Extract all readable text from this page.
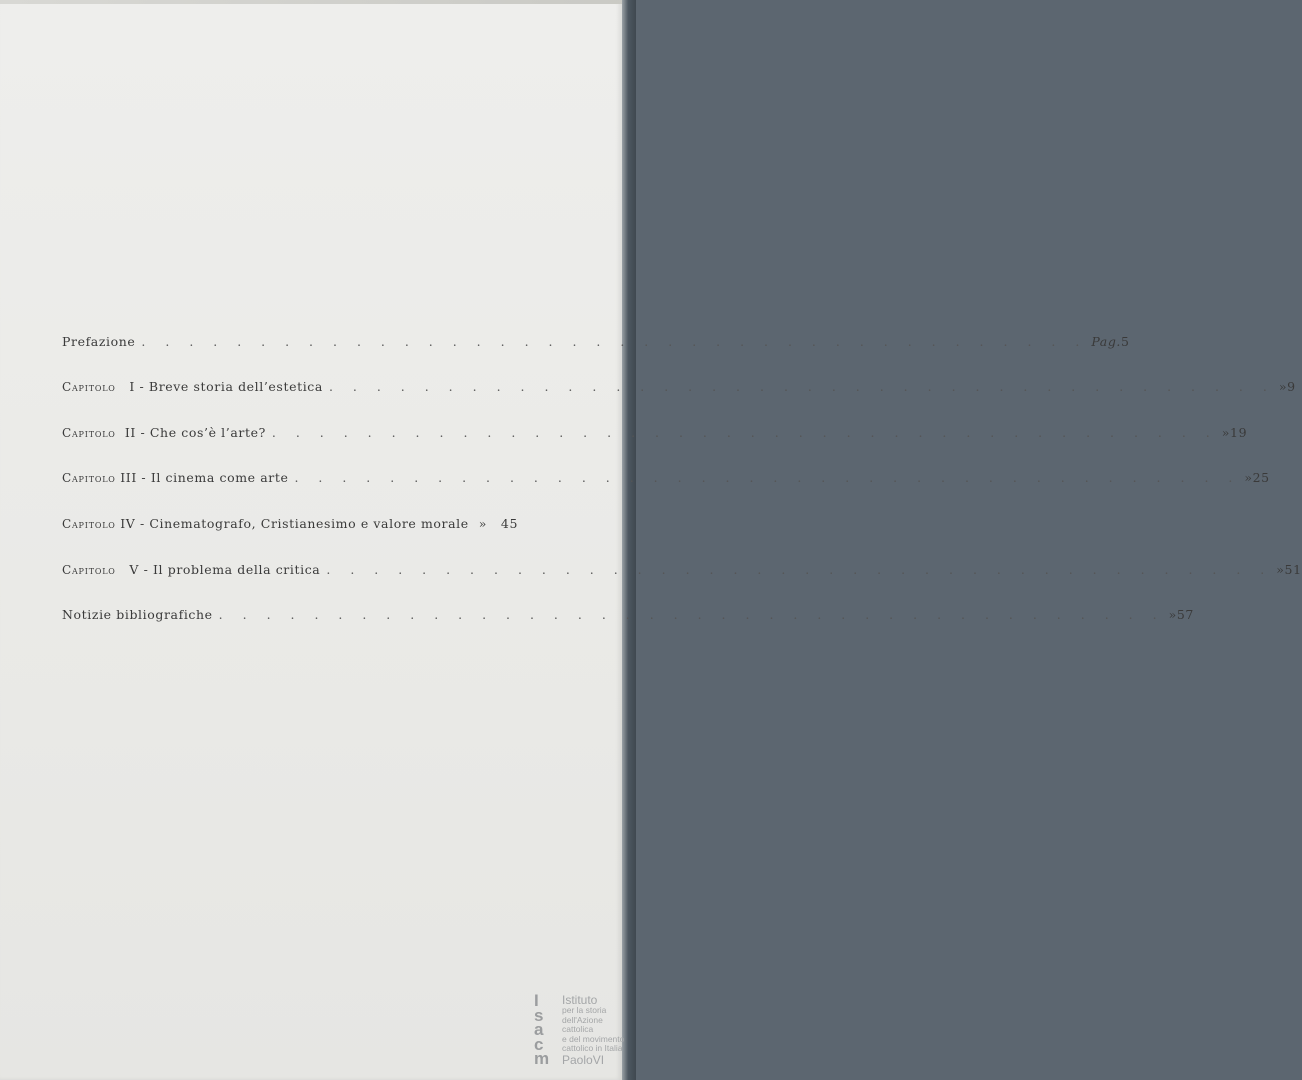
Prefazione . . . . . . . . . . . . . . . . . . . . . . . . . . . . . . . . . . . . . . . . Pag. 5
Capitolo I - Breve storia dell’estetica . . . . . . . . . . . . . . . . . . . . . . . . . . . . . . . . . . . . . . . . » 9
Capitolo II - Che cos’è l’arte? . . . . . . . . . . . . . . . . . . . . . . . . . . . . . . . . . . . . . . . . » 19
Capitolo III - Il cinema come arte . . . . . . . . . . . . . . . . . . . . . . . . . . . . . . . . . . . . . . . . » 25
Capitolo IV - Cinematografo, Cristianesimo e valore morale »	45
Capitolo V - Il problema della critica . . . . . . . . . . . . . . . . . . . . . . . . . . . . . . . . . . . . . . . . » 51
Notizie bibliografiche . . . . . . . . . . . . . . . . . . . . . . . . . . . . . . . . . . . . . . . . » 57
I
s
a
c
m
Istituto
per la storia
dell'Azione cattolica
e del movimento
cattolico in Italia
PaoloVI
